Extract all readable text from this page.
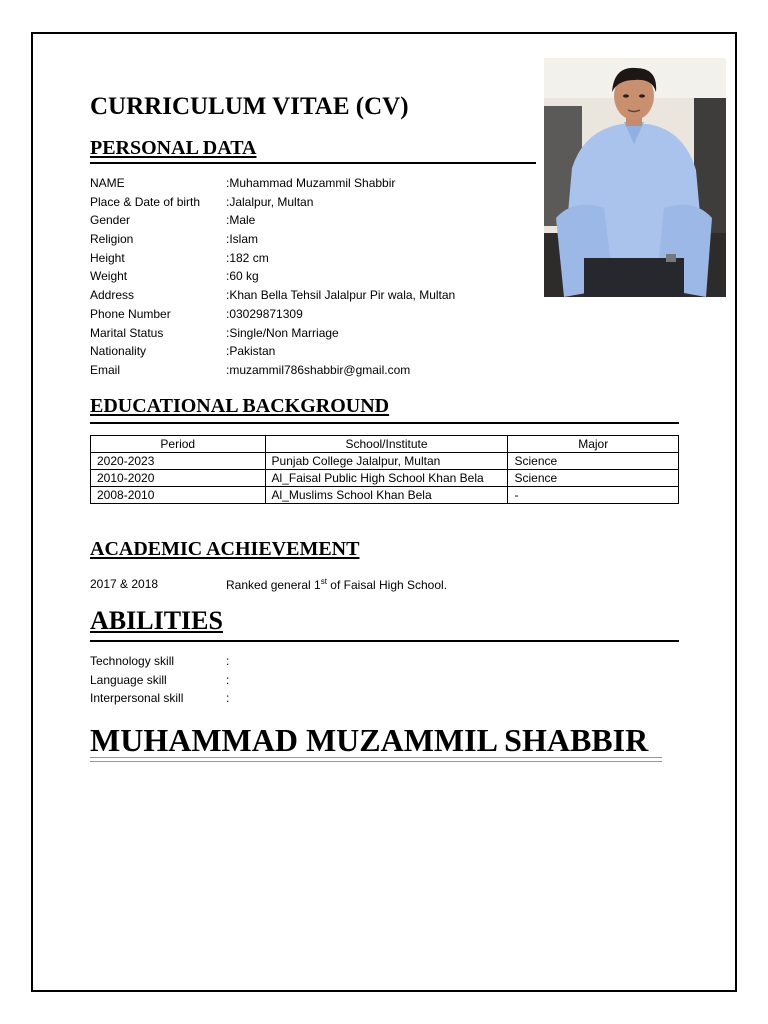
CURRICULUM VITAE (CV)
PERSONAL DATA
NAME	:Muhammad Muzammil Shabbir
Place & Date of birth	:Jalalpur, Multan
Gender	:Male
Religion	:Islam
Height	:182 cm
Weight	:60 kg
Address	:Khan Bella Tehsil Jalalpur Pir wala, Multan
Phone Number	:03029871309
Marital Status	:Single/Non Marriage
Nationality	:Pakistan
Email	:muzammil786shabbir@gmail.com
EDUCATIONAL BACKGROUND
Period	School/Institute	Major
2020-2023	Punjab College Jalalpur, Multan	Science
2010-2020	Al_Faisal Public High School Khan Bela	Science
2008-2010	Al_Muslims School Khan Bela	-
ACADEMIC ACHIEVEMENT
2017 & 2018	Ranked general 1st of Faisal High School.
ABILITIES
Technology skill	:
Language skill	:
Interpersonal skill	:
MUHAMMAD MUZAMMIL SHABBIR
